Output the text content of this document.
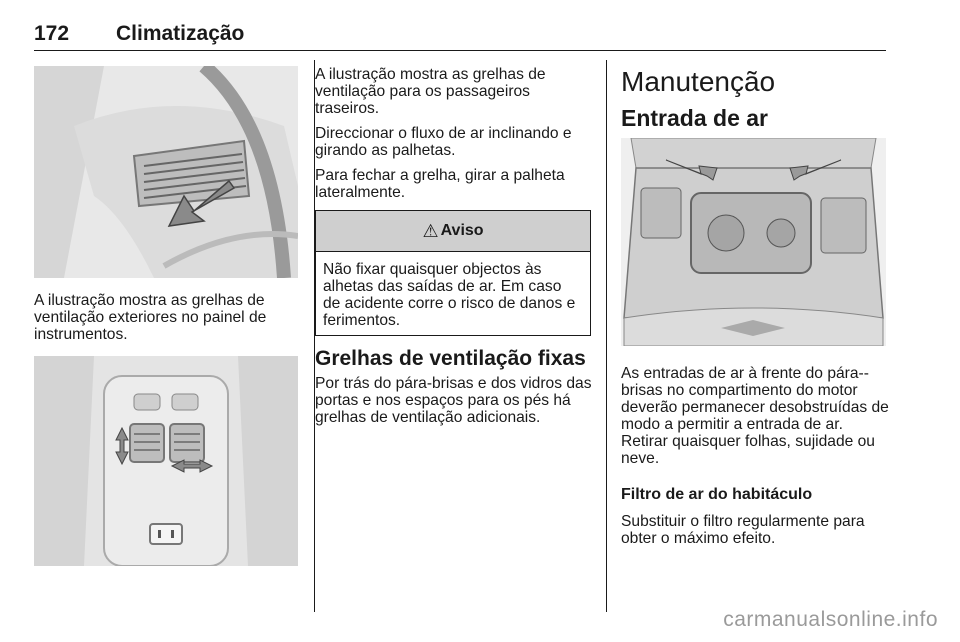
172 Climatização

A ilustração mostra as grelhas de ventilação exteriores no painel de instrumentos.

A ilustração mostra as grelhas de ventilação para os passageiros traseiros.

Direccionar o fluxo de ar inclinando e girando as palhetas.

Para fechar a grelha, girar a palheta lateralmente.

⚠ Aviso
Não fixar quaisquer objectos às alhetas das saídas de ar. Em caso de acidente corre o risco de danos e ferimentos.
Grelhas de ventilação fixas

Por trás do pára-brisas e dos vidros das portas e nos espaços para os pés há grelhas de ventilação adicionais.

Manutenção
Entrada de ar

As entradas de ar à frente do pára--brisas no compartimento do motor deverão permanecer desobstruídas de modo a permitir a entrada de ar. Retirar quaisquer folhas, sujidade ou neve.

Filtro de ar do habitáculo

Substituir o filtro regularmente para obter o máximo efeito.

carmanualsonline.info
